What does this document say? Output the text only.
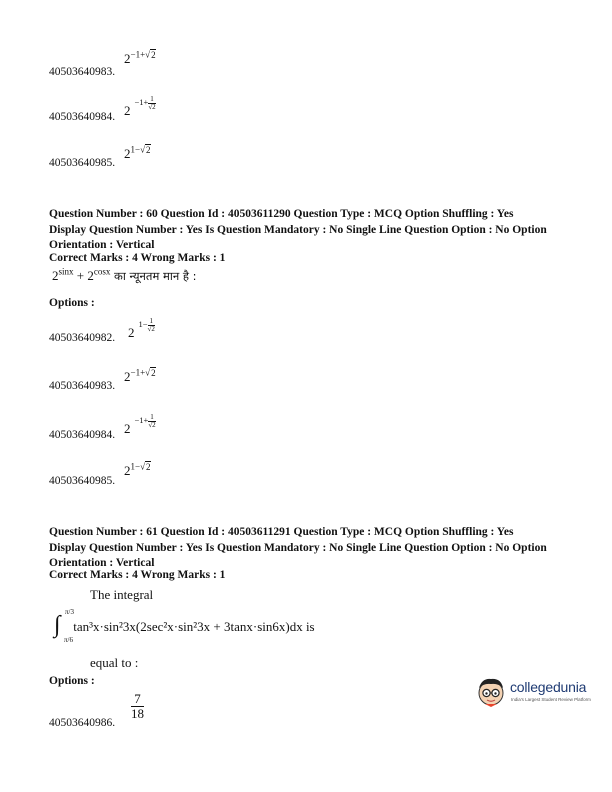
$2^{-1+√2}$
40503640983.
$_2$ $^{-1+ \frac{1}{√2}}$
40503640984.
$2^{1-√2}$
40503640985.
Question Number : 60 Question Id : 40503611290 Question Type : MCQ Option Shuffling : Yes
Display Question Number : Yes Is Question Mandatory : No Single Line Question Option : No Option
Orientation : Vertical
Correct Marks : 4 Wrong Marks : 1
$2^{sinx} + 2^{cosx}$ का न्यूनतम मान है :
Options :
$_2$ $1- \frac{1}{√2}$
40503640982.
$2^{-1+√2}$
40503640983.
$_2$ $^{-1+ \frac{1}{√2}}$
40503640984.
$2^{1-√2}$
40503640985.
Question Number : 61 Question Id : 40503611291 Question Type : MCQ Option Shuffling : Yes
Display Question Number : Yes Is Question Mandatory : No Single Line Question Option : No Option
Orientation : Vertical
Correct Marks : 4 Wrong Marks : 1
The integral
∫ π/3
π/6
tan³x·sin²3x(2sec²x·sin²3x + 3tanx·sin6x)dx is
equal to :
Options :
$\frac{7}{18}$
40503640986.
collegedunia
India's Largest Student Review Platform
